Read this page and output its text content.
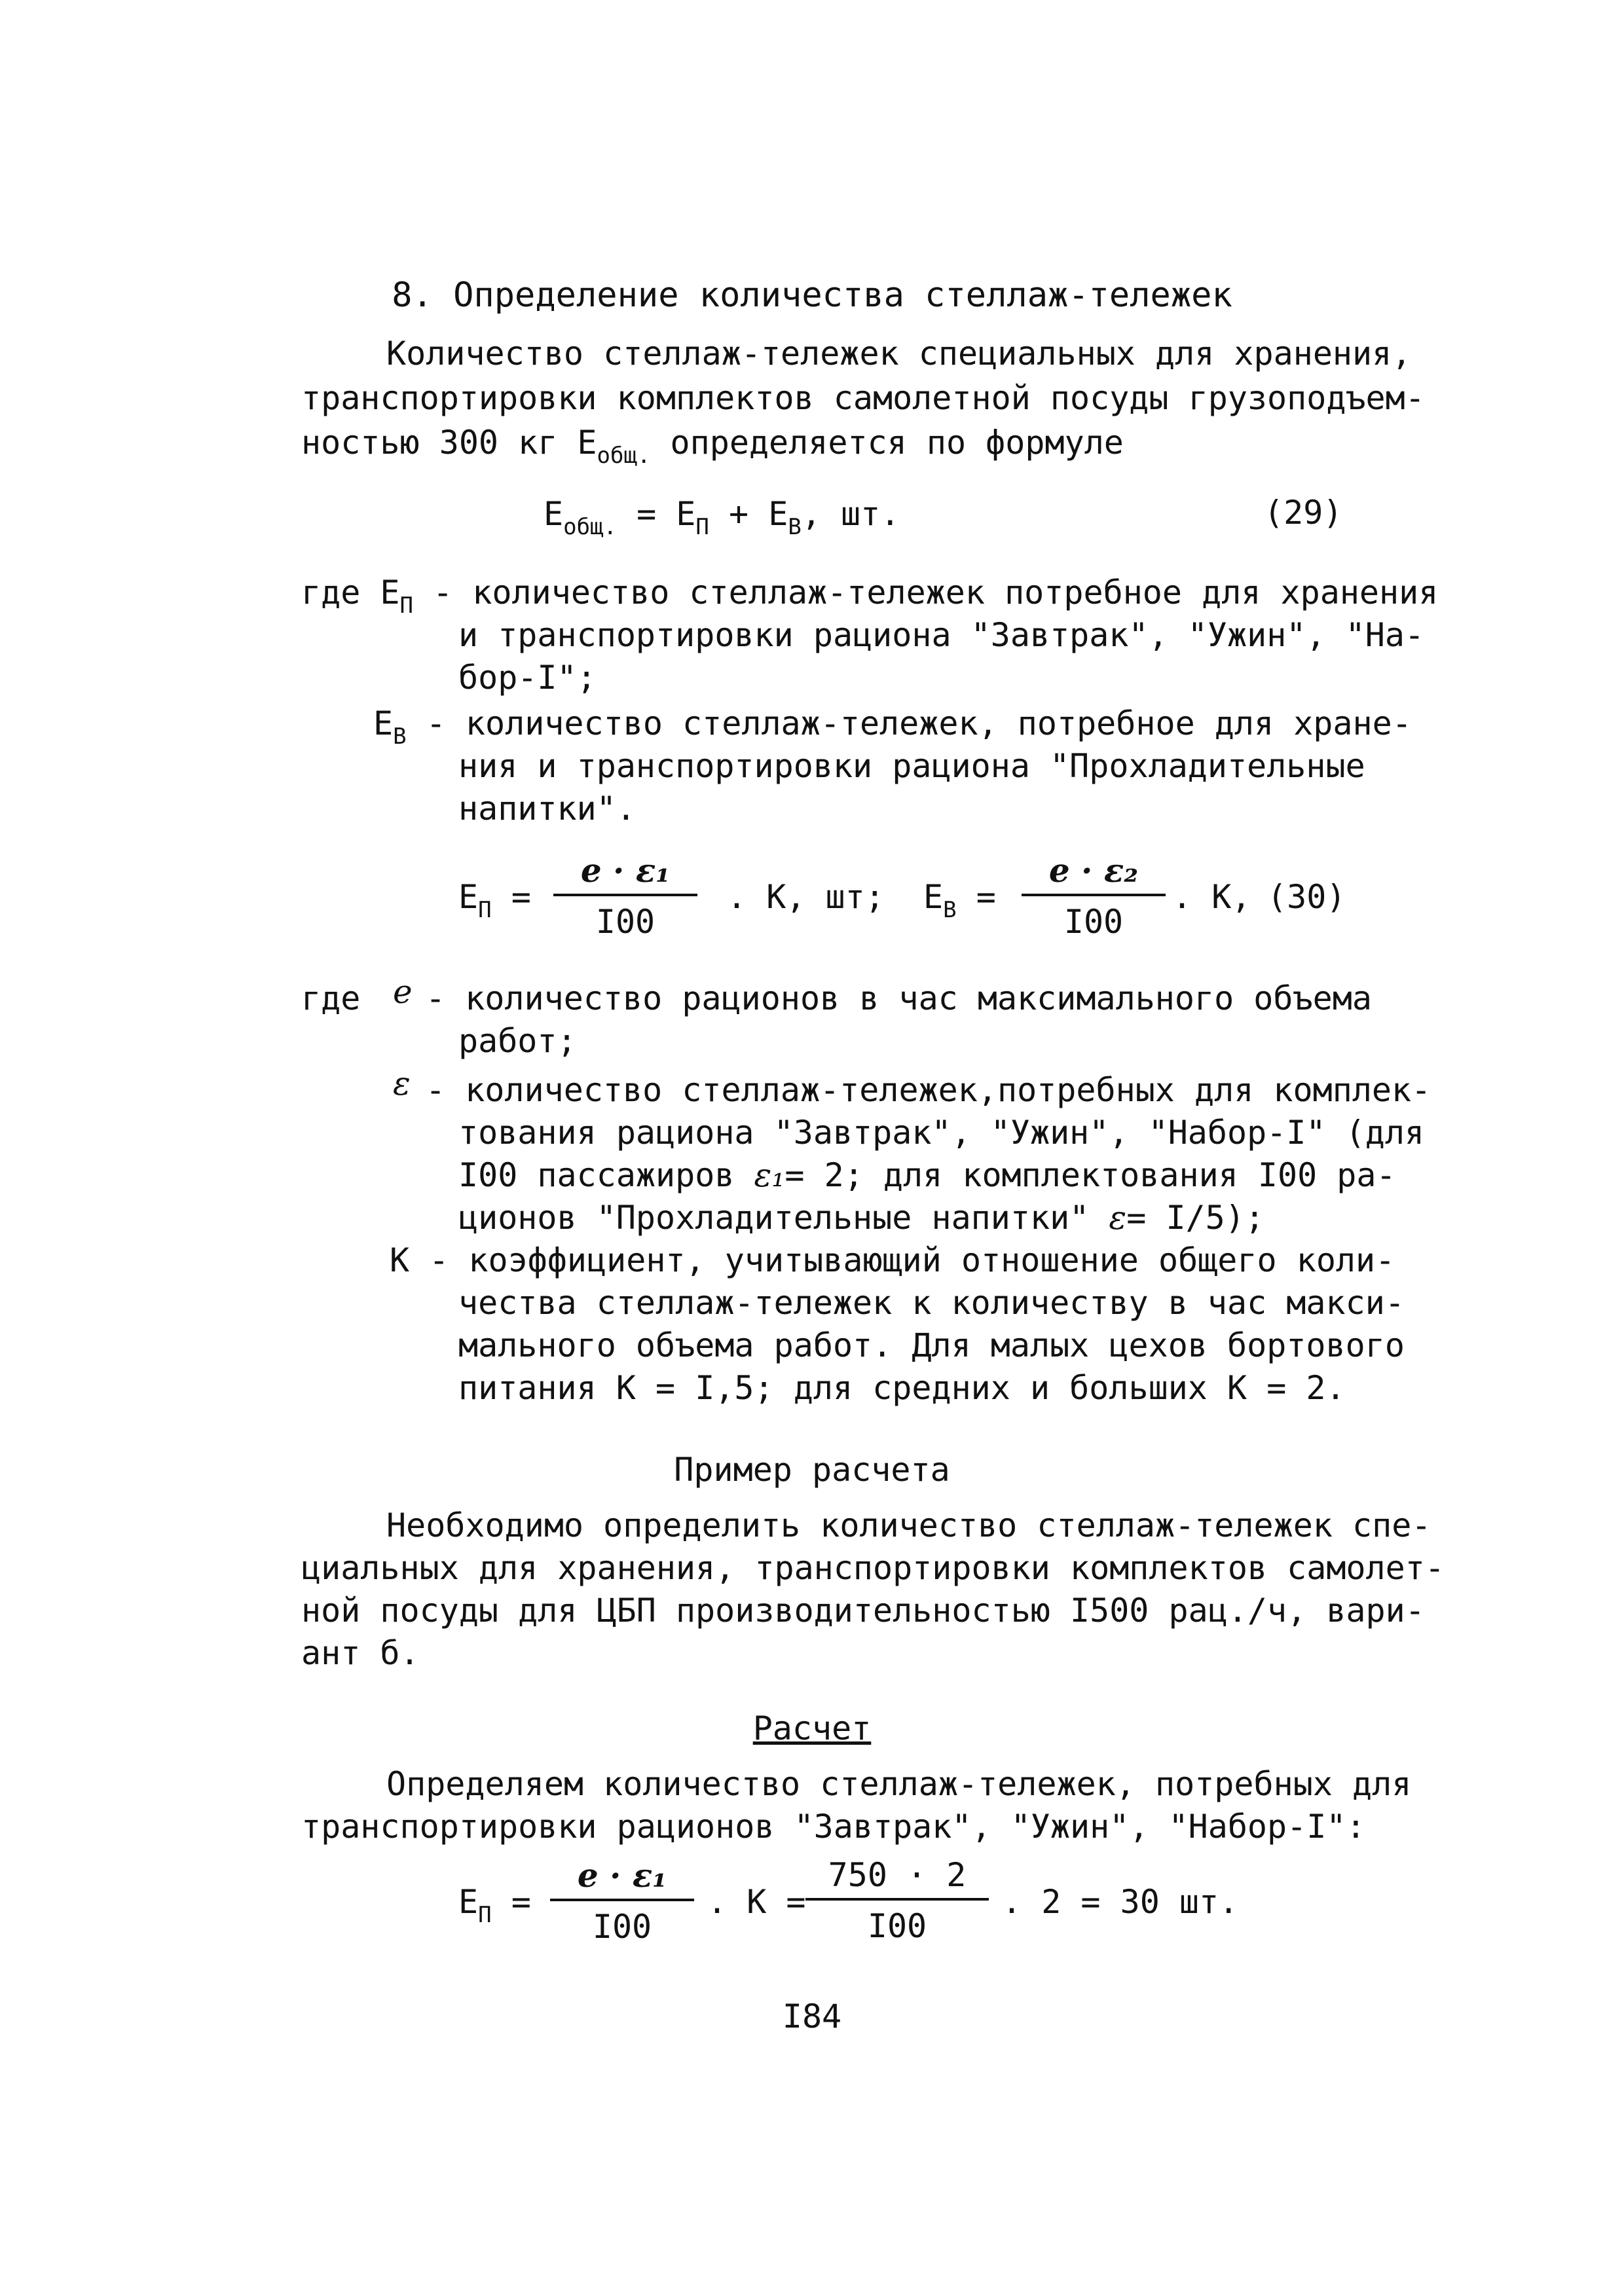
8. Определение количества стеллаж-тележек
Количество стеллаж-тележек специальных для хранения,
транспортировки комплектов самолетной посуды грузоподъем-
ностью 300 кг $Е_{общ.}$ определяется по формуле
$Е_{общ.} = Е_П + Е_В$, шт.	(29)
где $Е_П$ - количество стеллаж-тележек потребное для хранения
и транспортировки рациона "Завтрак", "Ужин", "На-
бор-I";
$Е_В$ - количество стеллаж-тележек, потребное для хране-
ния и транспортировки рациона "Прохладительные
напитки".
$Е_П = \frac{\text{e · ε₁}}{I00}$ . К, шт; $Е_В = \frac{\text{e · ε₂}}{I00}$ . К, (30)
где e - количество рационов в час максимального объема
работ;
ε - количество стеллаж-тележек,потребных для комплек-
тования рациона "Завтрак", "Ужин", "Набор-I" (для
I00 пассажиров ε₁= 2; для комплектования I00 ра-
ционов "Прохладительные напитки" ε= I/5);
К - коэффициент, учитывающий отношение общего коли-
чества стеллаж-тележек к количеству в час макси-
мального объема работ. Для малых цехов бортового
питания К = I,5; для средних и больших К = 2.
Пример расчета
Необходимо определить количество стеллаж-тележек спе-
циальных для хранения, транспортировки комплектов самолет-
ной посуды для ЦБП производительностью I500 рац./ч, вари-
ант б.
Расчет
Определяем количество стеллаж-тележек, потребных для
транспортировки рационов "Завтрак", "Ужин", "Набор-I":
$Е_П = \frac{\text{e · ε₁}}{I00}$ . $К = \frac{750 \cdot 2}{I00}$ . 2 = 30 шт.
I84
